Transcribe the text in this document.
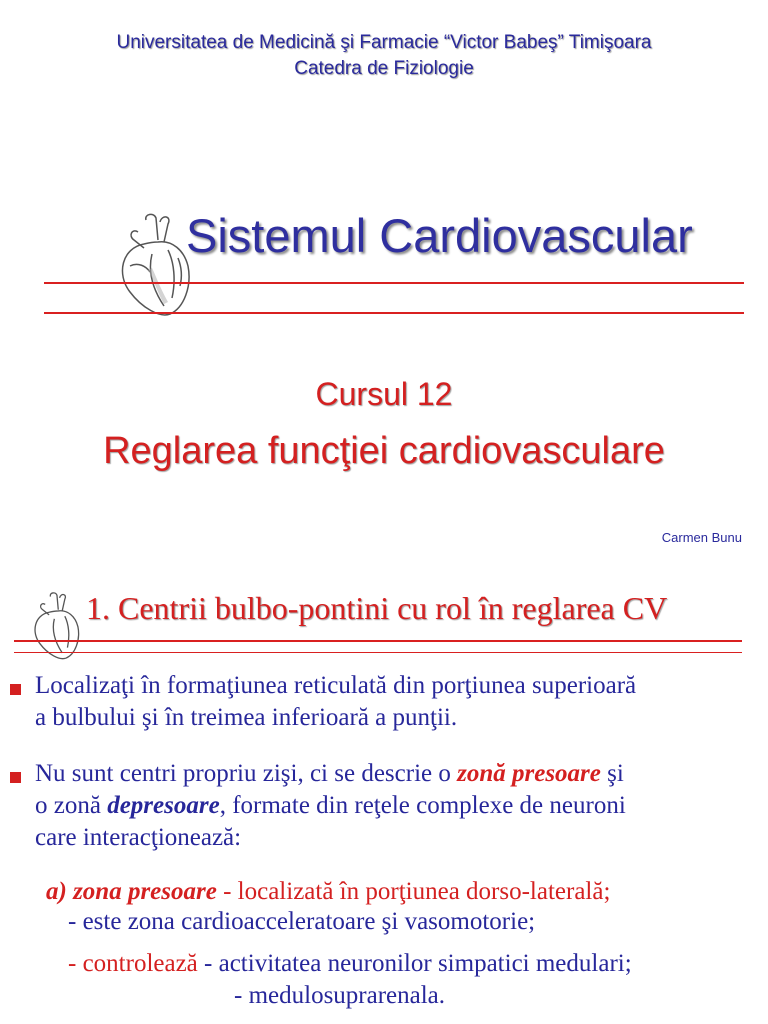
Universitatea de Medicină şi Farmacie “Victor Babeş” Timişoara
Catedra de Fiziologie
Sistemul Cardiovascular
Cursul 12
Reglarea funcţiei cardiovasculare
Carmen Bunu
1. Centrii bulbo-pontini cu rol în reglarea CV
Localizaţi în formaţiunea reticulată din porţiunea superioară
a bulbului şi în treimea inferioară a punţii.
Nu sunt centri propriu zişi, ci se descrie o zonă presoare şi
o zonă depresoare, formate din reţele complexe de neuroni
care interacţionează:
a) zona presoare - localizată în porţiunea dorso-laterală;
- este zona cardioacceleratoare şi vasomotorie;
- controlează - activitatea neuronilor simpatici medulari;
- medulosuprarenala.
